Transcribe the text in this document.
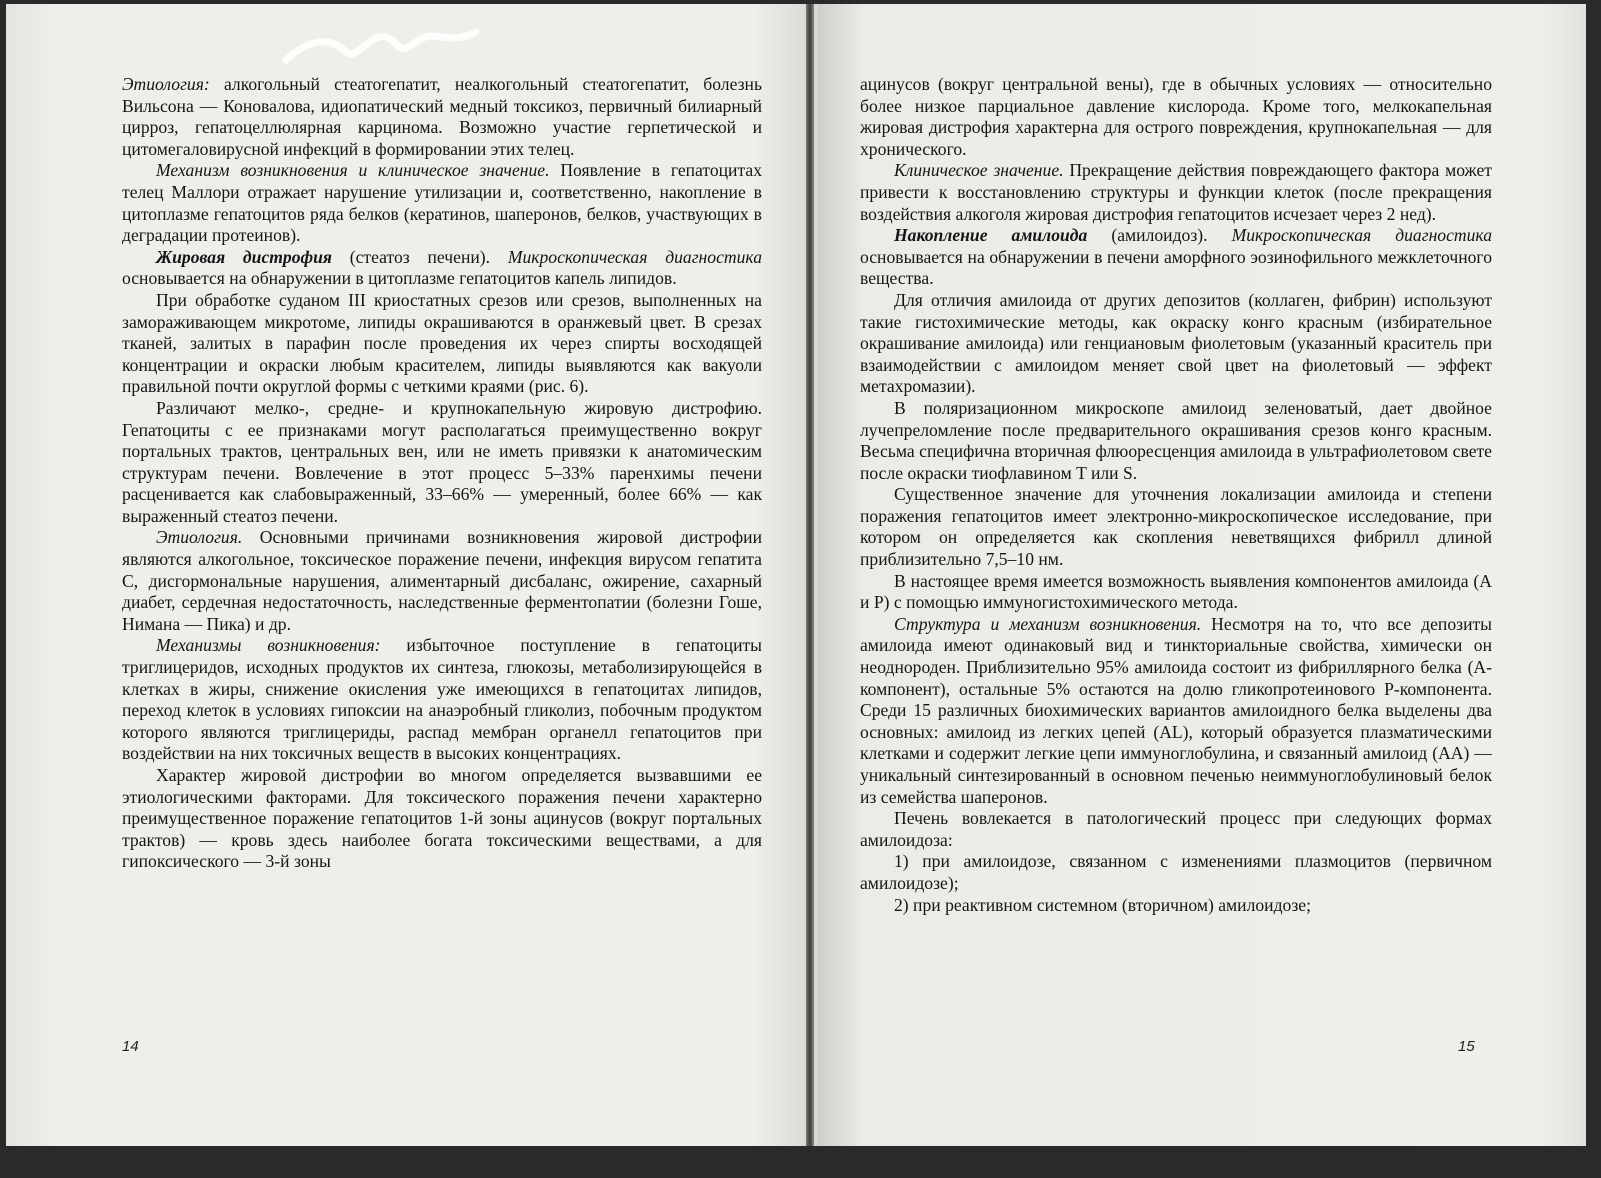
Этиология: алкогольный стеатогепатит, неалкогольный стеатогепатит, болезнь Вильсона — Коновалова, идиопатический медный токсикоз, первичный билиарный цирроз, гепатоцеллюлярная карцинома. Возможно участие герпетической и цитомегаловирусной инфекций в формировании этих телец.

Механизм возникновения и клиническое значение. Появление в гепатоцитах телец Маллори отражает нарушение утилизации и, соответственно, накопление в цитоплазме гепатоцитов ряда белков (кератинов, шаперонов, белков, участвующих в деградации протеинов).

Жировая дистрофия (стеатоз печени). Микроскопическая диагностика основывается на обнаружении в цитоплазме гепатоцитов капель липидов.

При обработке суданом III криостатных срезов или срезов, выполненных на замораживающем микротоме, липиды окрашиваются в оранжевый цвет. В срезах тканей, залитых в парафин после проведения их через спирты восходящей концентрации и окраски любым красителем, липиды выявляются как вакуоли правильной почти округлой формы с четкими краями (рис. 6).

Различают мелко-, средне- и крупнокапельную жировую дистрофию. Гепатоциты с ее признаками могут располагаться преимущественно вокруг портальных трактов, центральных вен, или не иметь привязки к анатомическим структурам печени. Вовлечение в этот процесс 5–33% паренхимы печени расценивается как слабовыраженный, 33–66% — умеренный, более 66% — как выраженный стеатоз печени.

Этиология. Основными причинами возникновения жировой дистрофии являются алкогольное, токсическое поражение печени, инфекция вирусом гепатита С, дисгормональные нарушения, алиментарный дисбаланс, ожирение, сахарный диабет, сердечная недостаточность, наследственные ферментопатии (болезни Гоше, Нимана — Пика) и др.

Механизмы возникновения: избыточное поступление в гепатоциты триглицеридов, исходных продуктов их синтеза, глюкозы, метаболизирующейся в клетках в жиры, снижение окисления уже имеющихся в гепатоцитах липидов, переход клеток в условиях гипоксии на анаэробный гликолиз, побочным продуктом которого являются триглицериды, распад мембран органелл гепатоцитов при воздействии на них токсичных веществ в высоких концентрациях.

Характер жировой дистрофии во многом определяется вызвавшими ее этиологическими факторами. Для токсического поражения печени характерно преимущественное поражение гепатоцитов 1-й зоны ацинусов (вокруг портальных трактов) — кровь здесь наиболее богата токсическими веществами, а для гипоксического — 3-й зоны

14

ацинусов (вокруг центральной вены), где в обычных условиях — относительно более низкое парциальное давление кислорода. Кроме того, мелкокапельная жировая дистрофия характерна для острого повреждения, крупнокапельная — для хронического.

Клиническое значение. Прекращение действия повреждающего фактора может привести к восстановлению структуры и функции клеток (после прекращения воздействия алкоголя жировая дистрофия гепатоцитов исчезает через 2 нед).

Накопление амилоида (амилоидоз). Микроскопическая диагностика основывается на обнаружении в печени аморфного эозинофильного межклеточного вещества.

Для отличия амилоида от других депозитов (коллаген, фибрин) используют такие гистохимические методы, как окраску конго красным (избирательное окрашивание амилоида) или генциановым фиолетовым (указанный краситель при взаимодействии с амилоидом меняет свой цвет на фиолетовый — эффект метахромазии).

В поляризационном микроскопе амилоид зеленоватый, дает двойное лучепреломление после предварительного окрашивания срезов конго красным. Весьма специфична вторичная флюоресценция амилоида в ультрафиолетовом свете после окраски тиофлавином T или S.

Существенное значение для уточнения локализации амилоида и степени поражения гепатоцитов имеет электронно-микроскопическое исследование, при котором он определяется как скопления неветвящихся фибрилл длиной приблизительно 7,5–10 нм.

В настоящее время имеется возможность выявления компонентов амилоида (А и Р) с помощью иммуногистохимического метода.

Структура и механизм возникновения. Несмотря на то, что все депозиты амилоида имеют одинаковый вид и тинкториальные свойства, химически он неоднороден. Приблизительно 95% амилоида состоит из фибриллярного белка (А-компонент), остальные 5% остаются на долю гликопротеинового Р-компонента. Среди 15 различных биохимических вариантов амилоидного белка выделены два основных: амилоид из легких цепей (AL), который образуется плазматическими клетками и содержит легкие цепи иммуноглобулина, и связанный амилоид (АА) — уникальный синтезированный в основном печенью неиммуноглобулиновый белок из семейства шаперонов.

Печень вовлекается в патологический процесс при следующих формах амилоидоза:

1) при амилоидозе, связанном с изменениями плазмоцитов (первичном амилоидозе);

2) при реактивном системном (вторичном) амилоидозе;

15
